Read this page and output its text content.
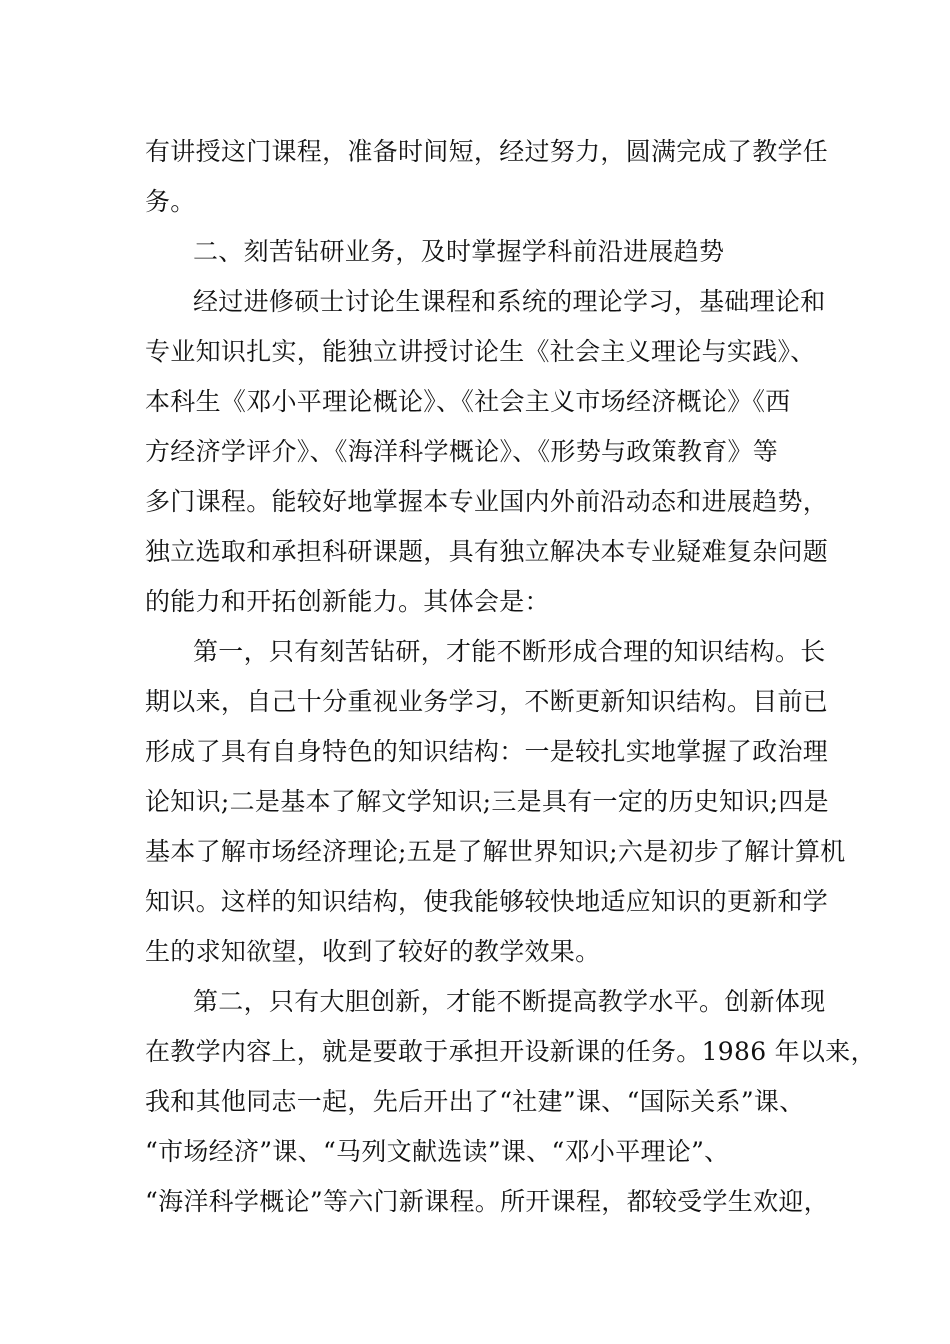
有讲授这门课程，准备时间短，经过努力，圆满完成了教学任
务。
二、刻苦钻研业务，及时掌握学科前沿进展趋势
经过进修硕士讨论生课程和系统的理论学习，基础理论和
专业知识扎实，能独立讲授讨论生《社会主义理论与实践》、
本科生《邓小平理论概论》、《社会主义市场经济概论》《西
方经济学评介》、《海洋科学概论》、《形势与政策教育》等
多门课程。能较好地掌握本专业国内外前沿动态和进展趋势，
独立选取和承担科研课题，具有独立解决本专业疑难复杂问题
的能力和开拓创新能力。其体会是：
第一，只有刻苦钻研，才能不断形成合理的知识结构。长
期以来，自己十分重视业务学习，不断更新知识结构。目前已
形成了具有自身特色的知识结构：一是较扎实地掌握了政治理
论知识;二是基本了解文学知识;三是具有一定的历史知识;四是
基本了解市场经济理论;五是了解世界知识;六是初步了解计算机
知识。这样的知识结构，使我能够较快地适应知识的更新和学
生的求知欲望，收到了较好的教学效果。
第二，只有大胆创新，才能不断提高教学水平。创新体现
在教学内容上，就是要敢于承担开设新课的任务。1986 年以来，
我和其他同志一起，先后开出了“社建”课、“国际关系”课、
“市场经济”课、“马列文献选读”课、“邓小平理论”、
“海洋科学概论”等六门新课程。所开课程，都较受学生欢迎，
